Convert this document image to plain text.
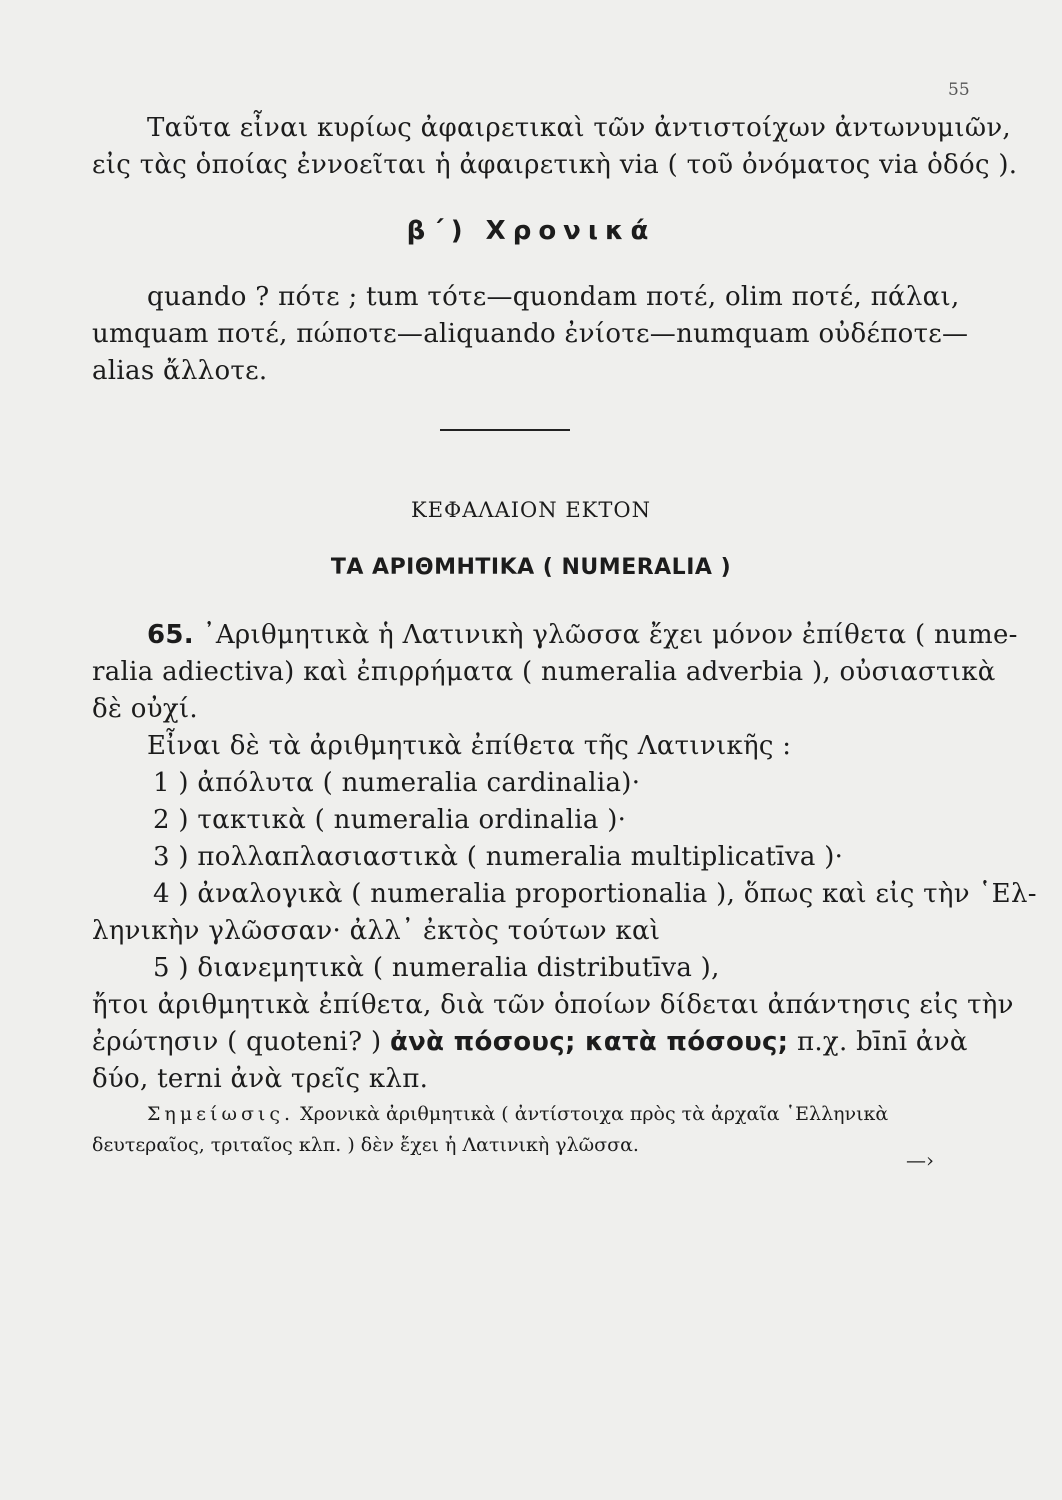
55
Ταῦτα εἶναι κυρίως ἀφαιρετικαὶ τῶν ἀντιστοίχων ἀντωνυμιῶν,
εἰς τὰς ὁποίας ἐννοεῖται ἡ ἀφαιρετικὴ via ( τοῦ ὀνόματος via ὁδός ).
β΄) Χρονικά
quando ? πότε ; tum τότε—quondam ποτέ, olim ποτέ, πάλαι,
umquam ποτέ, πώποτε—aliquando ἐνίοτε—numquam οὐδέποτε—
alias ἄλλοτε.
ΚΕΦΑΛΑΙΟΝ ΕΚΤΟΝ
ΤΑ ΑΡΙΘΜΗΤΙΚΑ ( NUMERALIA )
65. ᾿Αριθμητικὰ ἡ Λατινικὴ γλῶσσα ἔχει μόνον ἐπίθετα ( nume-
ralia adiectiva) καὶ ἐπιρρήματα ( numeralia adverbia ), οὐσιαστικὰ
δὲ οὐχί.
Εἶναι δὲ τὰ ἀριθμητικὰ ἐπίθετα τῆς Λατινικῆς :
1 ) ἀπόλυτα ( numeralia cardinalia)·
2 ) τακτικὰ ( numeralia ordinalia )·
3 ) πολλαπλασιαστικὰ ( numeralia multiplicatīva )·
4 ) ἀναλογικὰ ( numeralia proportionalia ), ὅπως καὶ εἰς τὴν ῾Ελ-
ληνικὴν γλῶσσαν· ἀλλ᾿ ἐκτὸς τούτων καὶ
5 ) διανεμητικὰ ( numeralia distributīva ),
ἤτοι ἀριθμητικὰ ἐπίθετα, διὰ τῶν ὁποίων δίδεται ἀπάντησις εἰς τὴν
ἐρώτησιν ( quoteni? ) ἀνὰ πόσους; κατὰ πόσους; π.χ. bīnī ἀνὰ
δύο, terni ἀνὰ τρεῖς κλπ.
Σημείωσις. Χρονικὰ ἀριθμητικὰ ( ἀντίστοιχα πρὸς τὰ ἀρχαῖα ῾Ελληνικὰ
δευτεραῖος, τριταῖος κλπ. ) δὲν ἔχει ἡ Λατινικὴ γλῶσσα.
—›
